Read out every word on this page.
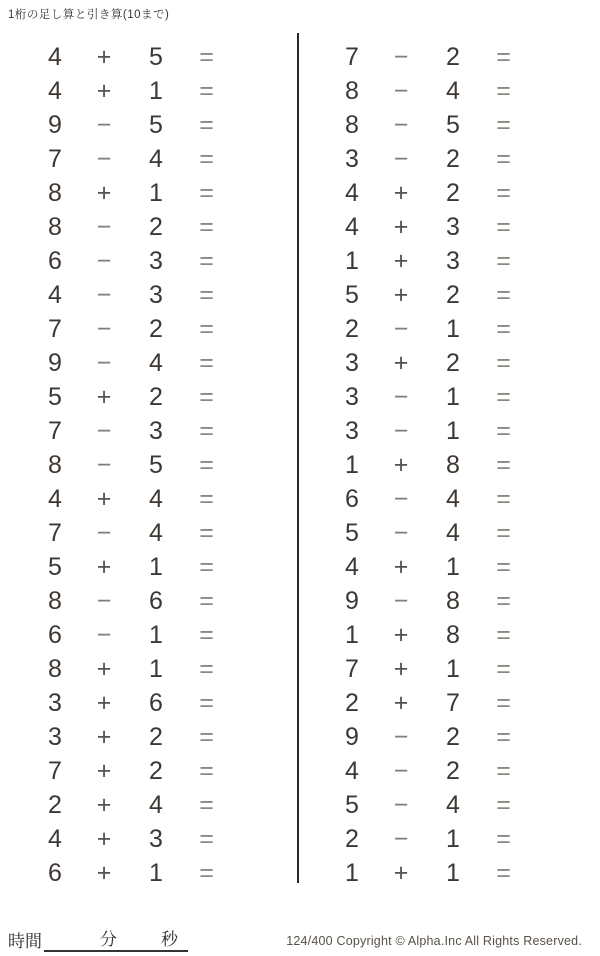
1桁の足し算と引き算(10まで)
4	+	5	=
4	+	1	=
9	−	5	=
7	−	4	=
8	+	1	=
8	−	2	=
6	−	3	=
4	−	3	=
7	−	2	=
9	−	4	=
5	+	2	=
7	−	3	=
8	−	5	=
4	+	4	=
7	−	4	=
5	+	1	=
8	−	6	=
6	−	1	=
8	+	1	=
3	+	6	=
3	+	2	=
7	+	2	=
2	+	4	=
4	+	3	=
6	+	1	=
7	−	2	=
8	−	4	=
8	−	5	=
3	−	2	=
4	+	2	=
4	+	3	=
1	+	3	=
5	+	2	=
2	−	1	=
3	+	2	=
3	−	1	=
3	−	1	=
1	+	8	=
6	−	4	=
5	−	4	=
4	+	1	=
9	−	8	=
1	+	8	=
7	+	1	=
2	+	7	=
9	−	2	=
4	−	2	=
5	−	4	=
2	−	1	=
1	+	1	=
時間	分	秒	124/400 Copyright © Alpha.Inc All Rights Reserved.
